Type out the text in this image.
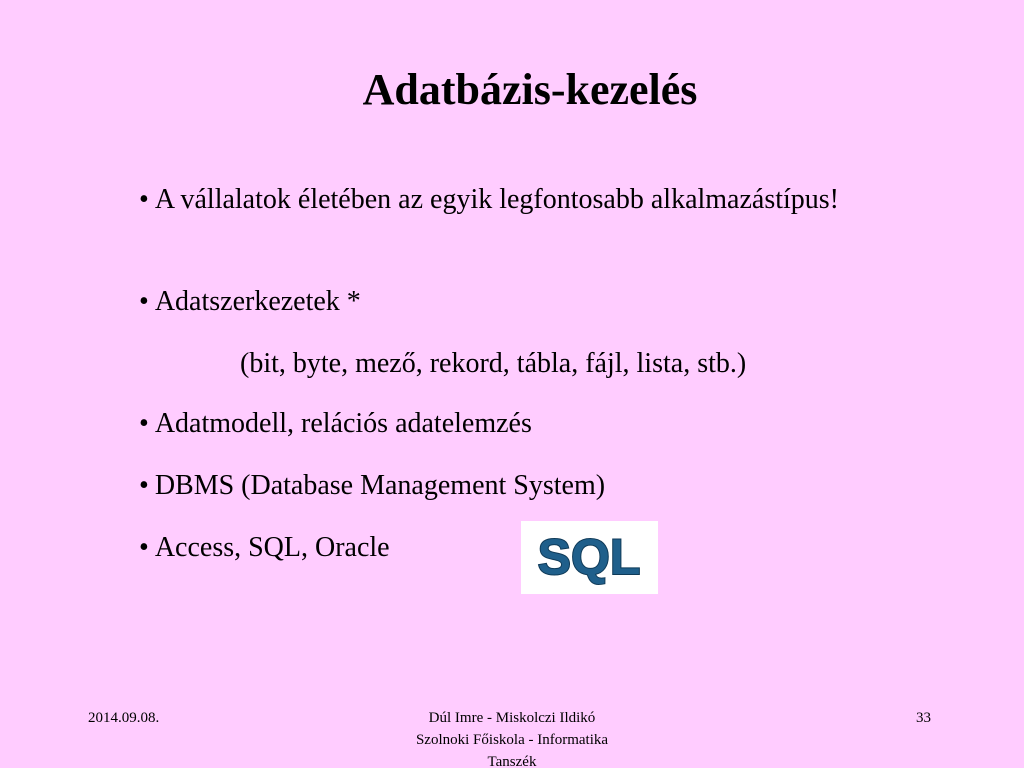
Adatbázis-kezelés
• A vállalatok életében az egyik legfontosabb alkalmazástípus!
• Adatszerkezetek *
(bit, byte, mező, rekord, tábla, fájl, lista, stb.)
• Adatmodell, relációs adatelemzés
• DBMS (Database Management System)
• Access, SQL, Oracle	SQL
2014.09.08.	Dúl Imre - Miskolczi Ildikó
Szolnoki Főiskola - Informatika
Tanszék
33
